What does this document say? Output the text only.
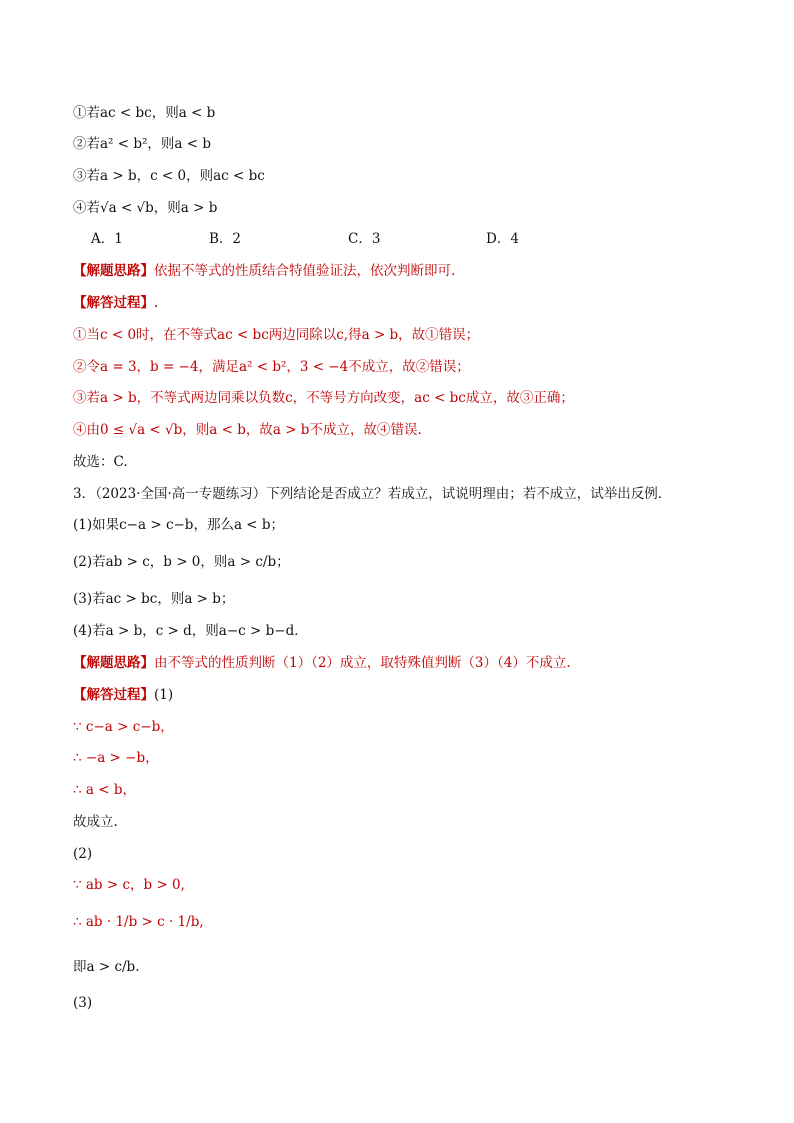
①若ac < bc，则a < b
②若a² < b²，则a < b
③若a > b，c < 0，则ac < bc
④若√a < √b，则a > b
A．1	B．2	C．3	D．4
【解题思路】依据不等式的性质结合特值验证法，依次判断即可.
【解答过程】.
①当c < 0时，在不等式ac < bc两边同除以c,得a > b，故①错误；
②令a = 3，b = −4，满足a² < b²，3 < −4不成立，故②错误；
③若a > b，不等式两边同乘以负数c，不等号方向改变，ac < bc成立，故③正确；
④由0 ≤ √a < √b，则a < b，故a > b不成立，故④错误.
故选：C.
3．（2023·全国·高一专题练习）下列结论是否成立？若成立，试说明理由；若不成立，试举出反例．
(1)如果c−a > c−b，那么a < b；
(2)若ab > c，b > 0，则a > c/b；
(3)若ac > bc，则a > b；
(4)若a > b，c > d，则a−c > b−d．
【解题思路】由不等式的性质判断（1）（2）成立，取特殊值判断（3）（4）不成立.
【解答过程】(1)
∵ c−a > c−b，
∴ −a > −b，
∴ a < b，
故成立.
(2)
∵ ab > c，b > 0,
∴ ab · 1/b > c · 1/b,
即a > c/b.
(3)
